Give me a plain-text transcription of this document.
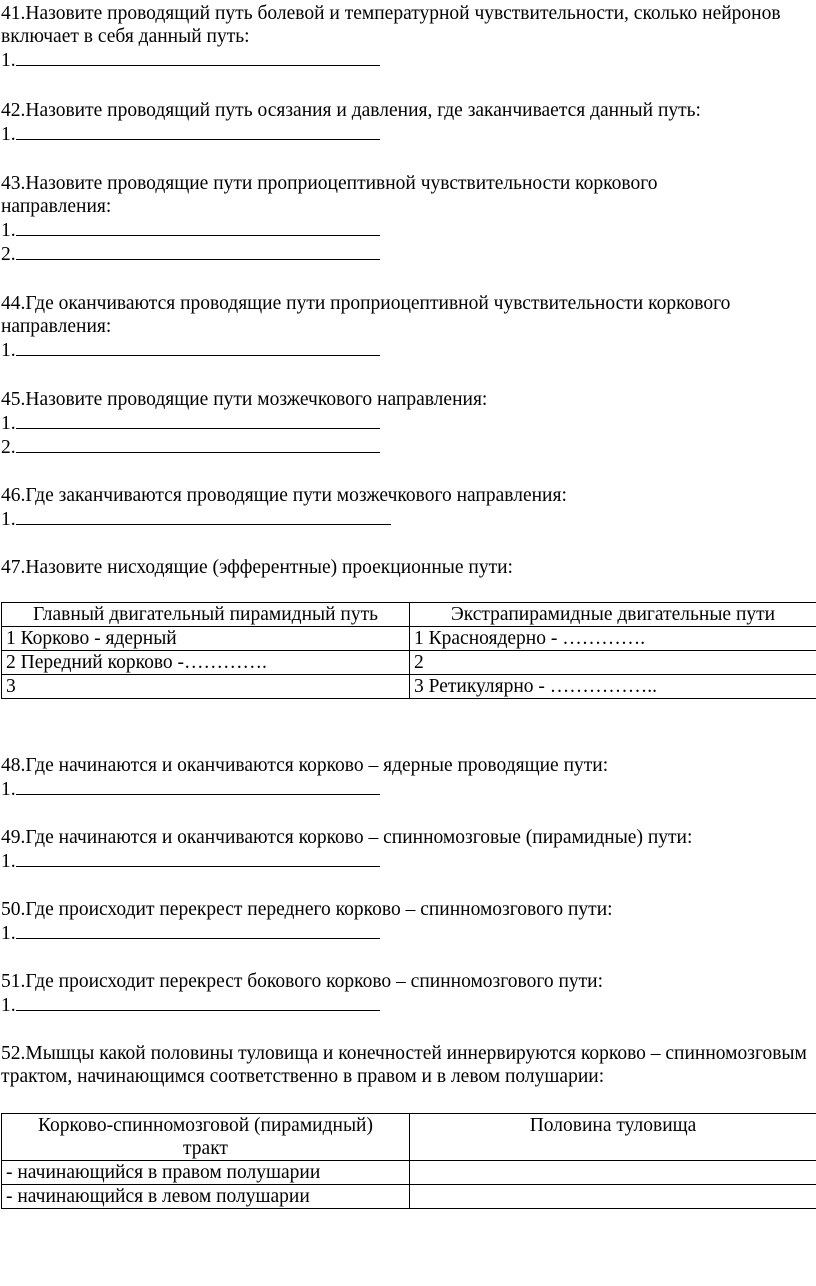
41.Назовите проводящий путь болевой и температурной чувствительности, сколько нейронов включает в себя данный путь:
1.
42.Назовите проводящий путь осязания и давления, где заканчивается данный путь:
1.
43.Назовите проводящие пути проприоцептивной чувствительности коркового направления:
1.
2.
44.Где оканчиваются проводящие пути проприоцептивной чувствительности коркового направления:
1.
45.Назовите проводящие пути мозжечкового направления:
1.
2.
46.Где заканчиваются проводящие пути мозжечкового направления:
1.
47.Назовите нисходящие (эфферентные) проекционные пути:
Главный двигательный пирамидный путь	Экстрапирамидные двигательные пути
1 Корково - ядерный	1 Красноядерно - ………….
2 Передний корково -………….	2
3	3 Ретикулярно - ……………..
48.Где начинаются и оканчиваются корково – ядерные проводящие пути:
1.
49.Где начинаются и оканчиваются корково – спинномозговые (пирамидные) пути:
1.
50.Где происходит перекрест переднего корково – спинномозгового пути:
1.
51.Где происходит перекрест бокового корково – спинномозгового пути:
1.
52.Мышцы какой половины туловища и конечностей иннервируются корково – спинномозговым трактом, начинающимся соответственно в правом и в левом полушарии:
Корково-спинномозговой (пирамидный) тракт	Половина туловища
- начинающийся в правом полушарии	
- начинающийся в левом полушарии	
